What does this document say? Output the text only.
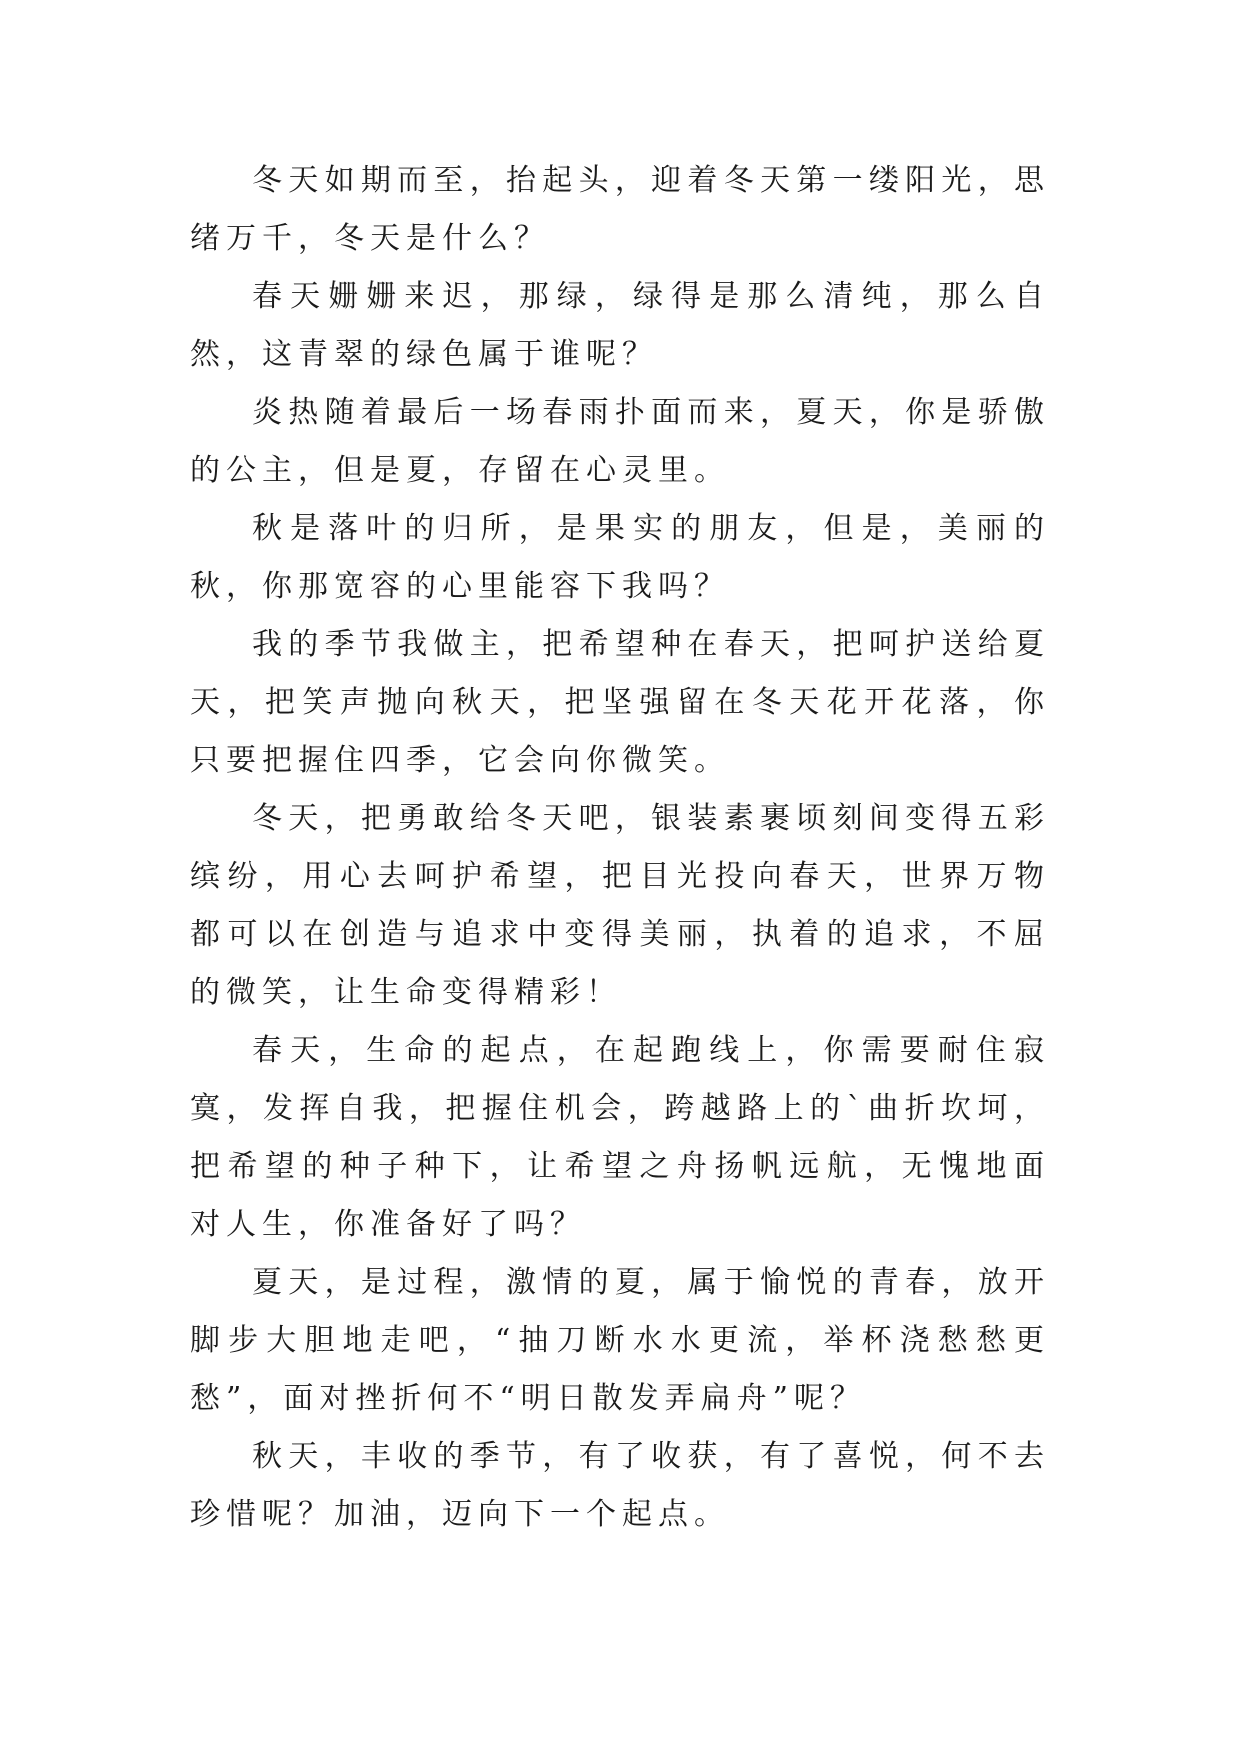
冬天如期而至，抬起头，迎着冬天第一缕阳光，思绪万千，冬天是什么？

春天姗姗来迟，那绿，绿得是那么清纯，那么自然，这青翠的绿色属于谁呢？

炎热随着最后一场春雨扑面而来，夏天，你是骄傲的公主，但是夏，存留在心灵里。

秋是落叶的归所，是果实的朋友，但是，美丽的秋，你那宽容的心里能容下我吗？

我的季节我做主，把希望种在春天，把呵护送给夏天，把笑声抛向秋天，把坚强留在冬天花开花落，你只要把握住四季，它会向你微笑。

冬天，把勇敢给冬天吧，银装素裹顷刻间变得五彩缤纷，用心去呵护希望，把目光投向春天，世界万物都可以在创造与追求中变得美丽，执着的追求，不屈的微笑，让生命变得精彩！

春天，生命的起点，在起跑线上，你需要耐住寂寞，发挥自我，把握住机会，跨越路上的`曲折坎坷，把希望的种子种下，让希望之舟扬帆远航，无愧地面对人生，你准备好了吗？

夏天，是过程，激情的夏，属于愉悦的青春，放开脚步大胆地走吧，“抽刀断水水更流，举杯浇愁愁更愁”，面对挫折何不“明日散发弄扁舟”呢？

秋天，丰收的季节，有了收获，有了喜悦，何不去珍惜呢？加油，迈向下一个起点。
